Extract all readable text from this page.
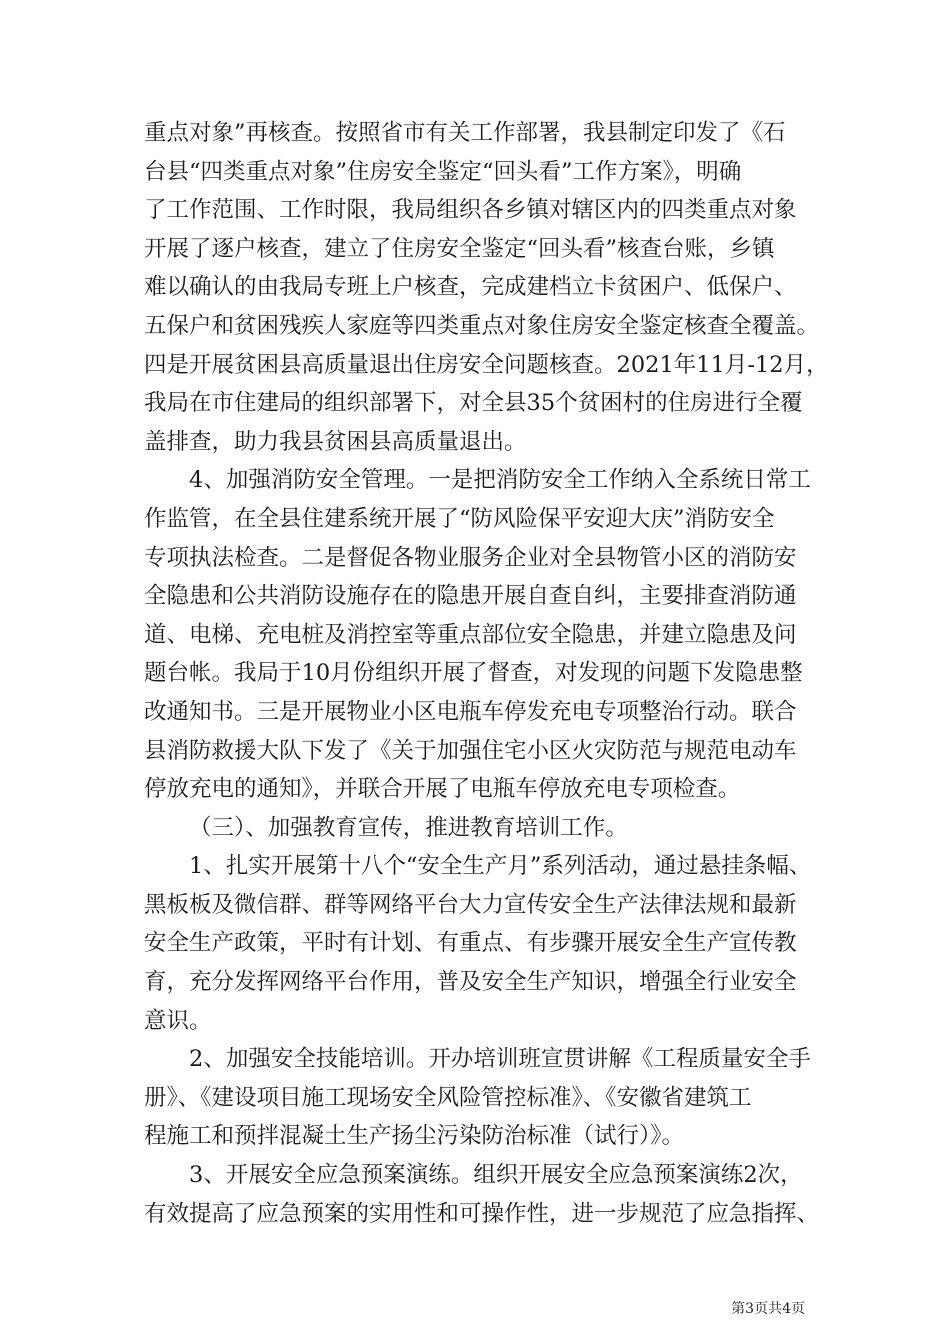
重点对象”再核查。按照省市有关工作部署，我县制定印发了《石
台县“四类重点对象”住房安全鉴定“回头看”工作方案》，明确
了工作范围、工作时限，我局组织各乡镇对辖区内的四类重点对象
开展了逐户核查，建立了住房安全鉴定“回头看”核查台账，乡镇
难以确认的由我局专班上户核查，完成建档立卡贫困户、低保户、
五保户和贫困残疾人家庭等四类重点对象住房安全鉴定核查全覆盖。
四是开展贫困县高质量退出住房安全问题核查。2021年11月-12月，
我局在市住建局的组织部署下，对全县35个贫困村的住房进行全覆
盖排查，助力我县贫困县高质量退出。
4、加强消防安全管理。一是把消防安全工作纳入全系统日常工
作监管，在全县住建系统开展了“防风险保平安迎大庆”消防安全
专项执法检查。二是督促各物业服务企业对全县物管小区的消防安
全隐患和公共消防设施存在的隐患开展自查自纠，主要排查消防通
道、电梯、充电桩及消控室等重点部位安全隐患，并建立隐患及问
题台帐。我局于10月份组织开展了督查，对发现的问题下发隐患整
改通知书。三是开展物业小区电瓶车停发充电专项整治行动。联合
县消防救援大队下发了《关于加强住宅小区火灾防范与规范电动车
停放充电的通知》，并联合开展了电瓶车停放充电专项检查。
（三）、加强教育宣传，推进教育培训工作。
1、扎实开展第十八个“安全生产月”系列活动，通过悬挂条幅、
黑板板及微信群、群等网络平台大力宣传安全生产法律法规和最新
安全生产政策，平时有计划、有重点、有步骤开展安全生产宣传教
育，充分发挥网络平台作用，普及安全生产知识，增强全行业安全
意识。
2、加强安全技能培训。开办培训班宣贯讲解《工程质量安全手
册》、《建设项目施工现场安全风险管控标准》、《安徽省建筑工
程施工和预拌混凝土生产扬尘污染防治标准（试行）》。
3、开展安全应急预案演练。组织开展安全应急预案演练2次，
有效提高了应急预案的实用性和可操作性，进一步规范了应急指挥、
第3页共4页
